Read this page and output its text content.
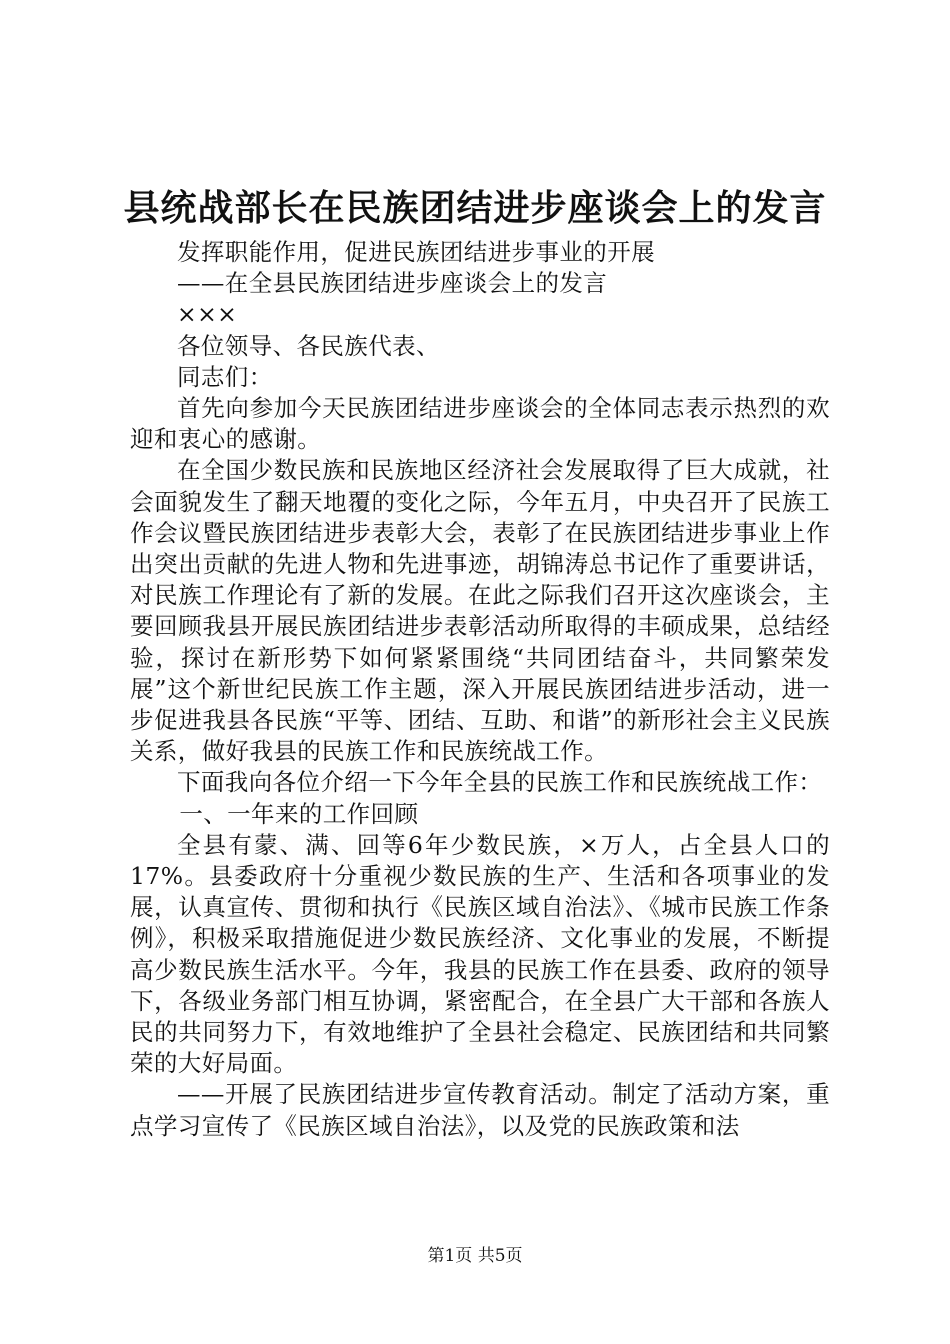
县统战部长在民族团结进步座谈会上的发言

发挥职能作用，促进民族团结进步事业的开展

——在全县民族团结进步座谈会上的发言

×××

各位领导、各民族代表、

同志们：

首先向参加今天民族团结进步座谈会的全体同志表示热烈的欢迎和衷心的感谢。

在全国少数民族和民族地区经济社会发展取得了巨大成就，社会面貌发生了翻天地覆的变化之际，今年五月，中央召开了民族工作会议暨民族团结进步表彰大会，表彰了在民族团结进步事业上作出突出贡献的先进人物和先进事迹，胡锦涛总书记作了重要讲话，对民族工作理论有了新的发展。在此之际我们召开这次座谈会，主要回顾我县开展民族团结进步表彰活动所取得的丰硕成果，总结经验，探讨在新形势下如何紧紧围绕“共同团结奋斗，共同繁荣发展”这个新世纪民族工作主题，深入开展民族团结进步活动，进一步促进我县各民族“平等、团结、互助、和谐”的新形社会主义民族关系，做好我县的民族工作和民族统战工作。

下面我向各位介绍一下今年全县的民族工作和民族统战工作：

一、一年来的工作回顾

全县有蒙、满、回等6年少数民族，×万人，占全县人口的17%。县委政府十分重视少数民族的生产、生活和各项事业的发展，认真宣传、贯彻和执行《民族区域自治法》、《城市民族工作条例》，积极采取措施促进少数民族经济、文化事业的发展，不断提高少数民族生活水平。今年，我县的民族工作在县委、政府的领导下，各级业务部门相互协调，紧密配合，在全县广大干部和各族人民的共同努力下，有效地维护了全县社会稳定、民族团结和共同繁荣的大好局面。

——开展了民族团结进步宣传教育活动。制定了活动方案，重点学习宣传了《民族区域自治法》，以及党的民族政策和法

第1页 共5页
